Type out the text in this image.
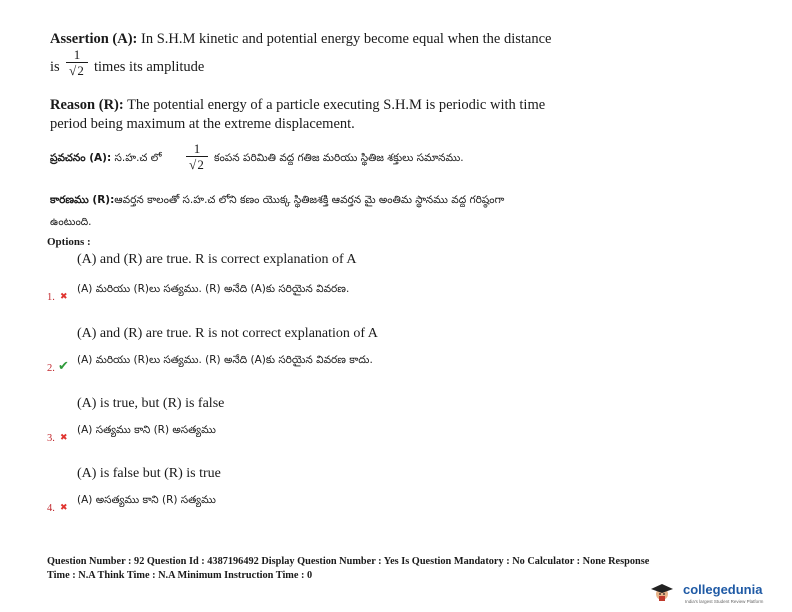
Assertion (A): In S.H.M kinetic and potential energy become equal when the distance
is
1
√2 times its amplitude
Reason (R): The potential energy of a particle executing S.H.M is periodic with time
period being maximum at the extreme displacement.
ప్రవచనం (A): స.హ.చ లో
1
√2 కంపన పరిమితి వద్ద గతిజ మరియు స్థితిజ శక్తులు సమానము.
కారణము (R):ఆవర్తన కాలంతో స.హ.చ లోని కణం యొక్క స్థితిజశక్తి ఆవర్తన మై అంతిమ స్థానము వద్ద గరిష్ఠంగా
ఉంటుంది.
Options :
(A) and (R) are true. R is correct explanation of A
(A) మరియు (R)లు సత్యము. (R) అనేది (A)కు సరియైన వివరణ.
1. ✖
(A) and (R) are true. R is not correct explanation of A
(A) మరియు (R)లు సత్యము. (R) అనేది (A)కు సరియైన వివరణ కాదు.
2. ✔
(A) is true, but (R) is false
(A) సత్యము కాని (R) అసత్యము
3. ✖
(A) is false but (R) is true
(A) అసత్యము కాని (R) సత్యము
4. ✖
Question Number : 92 Question Id : 4387196492 Display Question Number : Yes Is Question Mandatory : No Calculator : None Response
Time : N.A Think Time : N.A Minimum Instruction Time : 0
collegedunia
India's largest Student Review Platform
